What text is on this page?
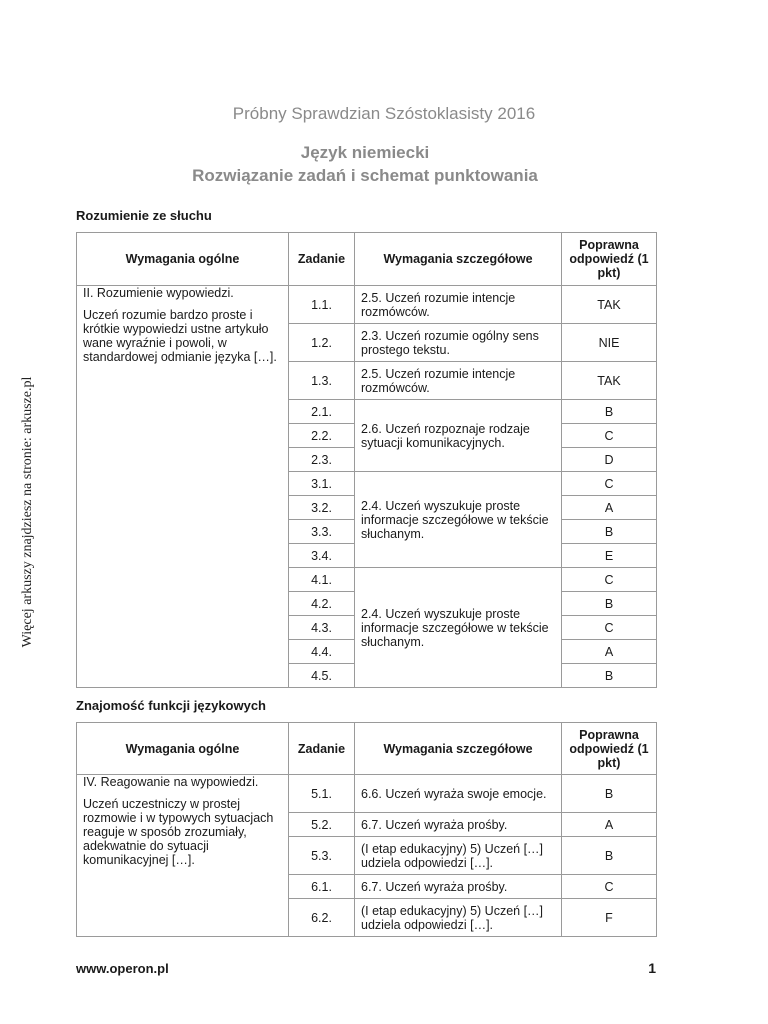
Więcej arkuszy znajdziesz na stronie: arkusze.pl
Próbny Sprawdzian Szóstoklasisty 2016
Język niemiecki
Rozwiązanie zadań i schemat punktowania
Rozumienie ze słuchu
Wymagania ogólne	Zadanie	Wymagania szczegółowe	Poprawna odpowiedź (1 pkt)

II. Rozumienie wypowiedzi.

Uczeń rozumie bardzo proste i krótkie wypowiedzi ustne artykuło wane wyraźnie i powoli, w standardowej odmianie języka […].	1.1.	2.5. Uczeń rozumie intencje rozmówców.	TAK
	1.2.	2.3. Uczeń rozumie ogólny sens prostego tekstu.	NIE
	1.3.	2.5. Uczeń rozumie intencje rozmówców.	TAK
	2.1.	2.6. Uczeń rozpoznaje rodzaje sytuacji komunikacyjnych.	B
	2.2.		C
	2.3.		D
	3.1.	2.4. Uczeń wyszukuje proste informacje szczegółowe w tekście słuchanym.	C
	3.2.		A
	3.3.		B
	3.4.		E
	4.1.	2.4. Uczeń wyszukuje proste informacje szczegółowe w tekście słuchanym.	C
	4.2.		B
	4.3.		C
	4.4.		A
	4.5.		B
Znajomość funkcji językowych
Wymagania ogólne	Zadanie	Wymagania szczegółowe	Poprawna odpowiedź (1 pkt)

IV. Reagowanie na wypowiedzi.

Uczeń uczestniczy w prostej rozmowie i w typowych sytuacjach reaguje w sposób zrozumiały, adekwatnie do sytuacji komunikacyjnej […].	5.1.	6.6. Uczeń wyraża swoje emocje.	B
	5.2.	6.7. Uczeń wyraża prośby.	A
	5.3.	(I etap edukacyjny) 5) Uczeń […] udziela odpowiedzi […].	B
	6.1.	6.7. Uczeń wyraża prośby.	C
	6.2.	(I etap edukacyjny) 5) Uczeń […] udziela odpowiedzi […].	F
www.operon.pl	1
